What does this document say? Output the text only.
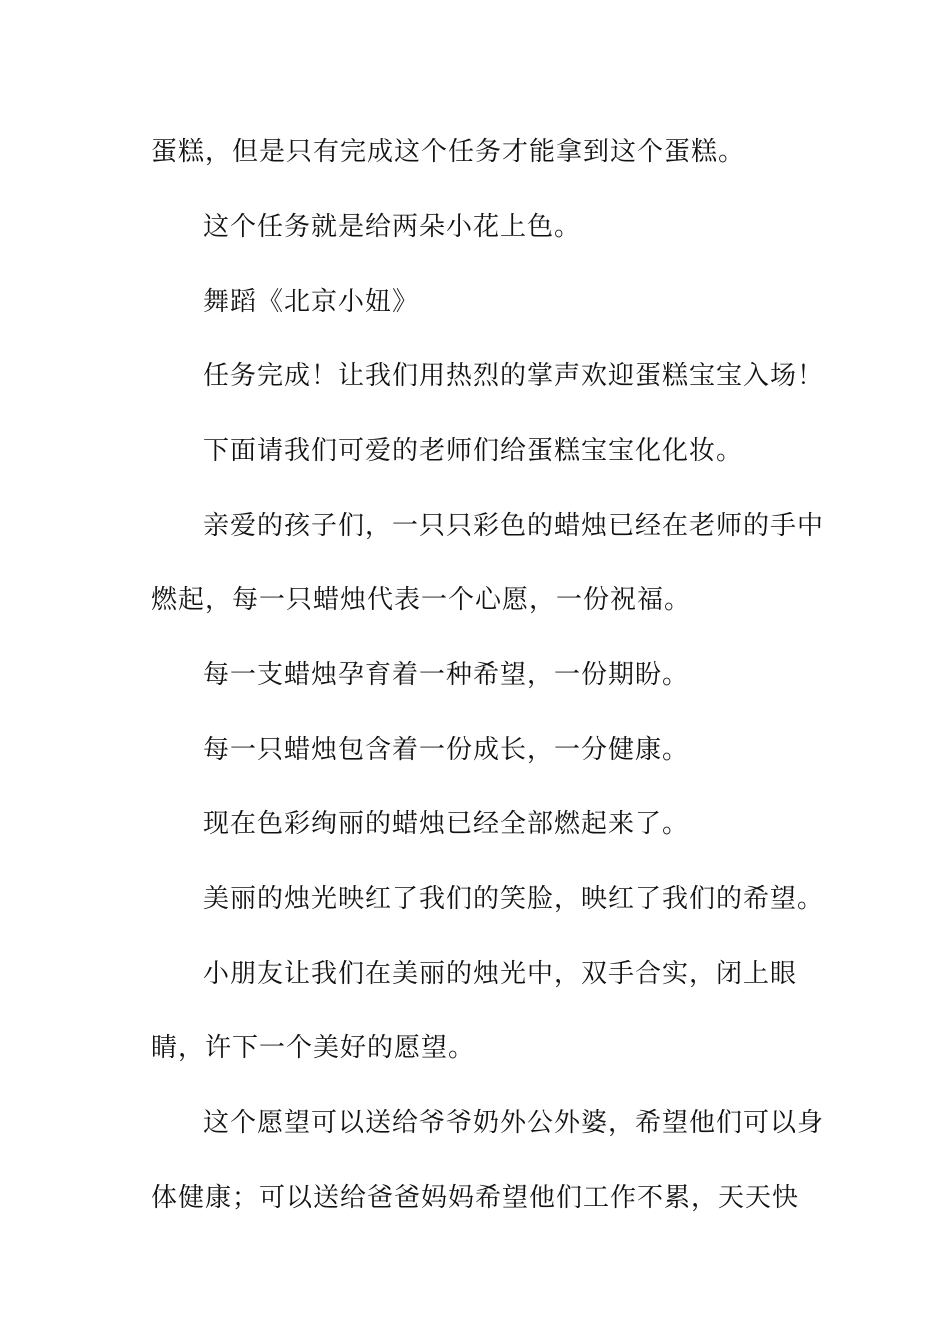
蛋糕，但是只有完成这个任务才能拿到这个蛋糕。
这个任务就是给两朵小花上色。
舞蹈《北京小妞》
任务完成！让我们用热烈的掌声欢迎蛋糕宝宝入场！
下面请我们可爱的老师们给蛋糕宝宝化化妆。
亲爱的孩子们，一只只彩色的蜡烛已经在老师的手中
燃起，每一只蜡烛代表一个心愿，一份祝福。
每一支蜡烛孕育着一种希望，一份期盼。
每一只蜡烛包含着一份成长，一分健康。
现在色彩绚丽的蜡烛已经全部燃起来了。
美丽的烛光映红了我们的笑脸，映红了我们的希望。
小朋友让我们在美丽的烛光中，双手合实，闭上眼
睛，许下一个美好的愿望。
这个愿望可以送给爷爷奶外公外婆，希望他们可以身
体健康；可以送给爸爸妈妈希望他们工作不累，天天快
